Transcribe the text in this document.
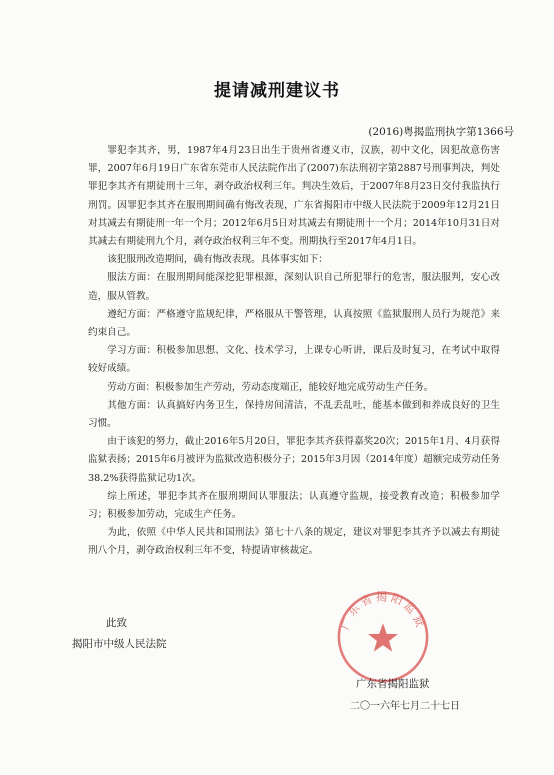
提请减刑建议书
(2016)粤揭监刑执字第1366号

罪犯李其齐，男，1987年4月23日出生于贵州省遵义市，汉族，初中文化，因犯故意伤害罪，2007年6月19日广东省东莞市人民法院作出了(2007)东法刑初字第2887号刑事判决，判处罪犯李其齐有期徒刑十三年，剥夺政治权利三年。判决生效后，于2007年8月23日交付我监执行刑罚。因罪犯李其齐在服刑期间确有悔改表现，广东省揭阳市中级人民法院于2009年12月21日对其减去有期徒刑一年一个月；2012年6月5日对其减去有期徒刑十一个月；2014年10月31日对其减去有期徒刑九个月，剥夺政治权利三年不变。刑期执行至2017年4月1日。

该犯服刑改造期间，确有悔改表现。具体事实如下：

服法方面：在服刑期间能深挖犯罪根源，深刻认识自己所犯罪行的危害，服法服判，安心改造，服从管教。

遵纪方面：严格遵守监规纪律，严格服从干警管理，认真按照《监狱服刑人员行为规范》来约束自己。

学习方面：积极参加思想、文化、技术学习，上课专心听讲，课后及时复习，在考试中取得较好成绩。

劳动方面：积极参加生产劳动，劳动态度端正，能较好地完成劳动生产任务。

其他方面：认真搞好内务卫生，保持房间清洁，不乱丢乱吐，能基本做到和养成良好的卫生习惯。

由于该犯的努力，截止2016年5月20日，罪犯李其齐获得嘉奖20次；2015年1月、4月获得监狱表扬；2015年6月被评为监狱改造积极分子；2015年3月因（2014年度）超额完成劳动任务38.2%获得监狱记功1次。

综上所述，罪犯李其齐在服刑期间认罪服法；认真遵守监规，接受教育改造；积极参加学习；积极参加劳动，完成生产任务。

为此，依照《中华人民共和国刑法》第七十八条的规定，建议对罪犯李其齐予以减去有期徒刑八个月，剥夺政治权利三年不变，特提请审核裁定。

此致
揭阳市中级人民法院
广东省揭阳监狱
广东省揭阳监狱
二〇一六年七月二十七日
